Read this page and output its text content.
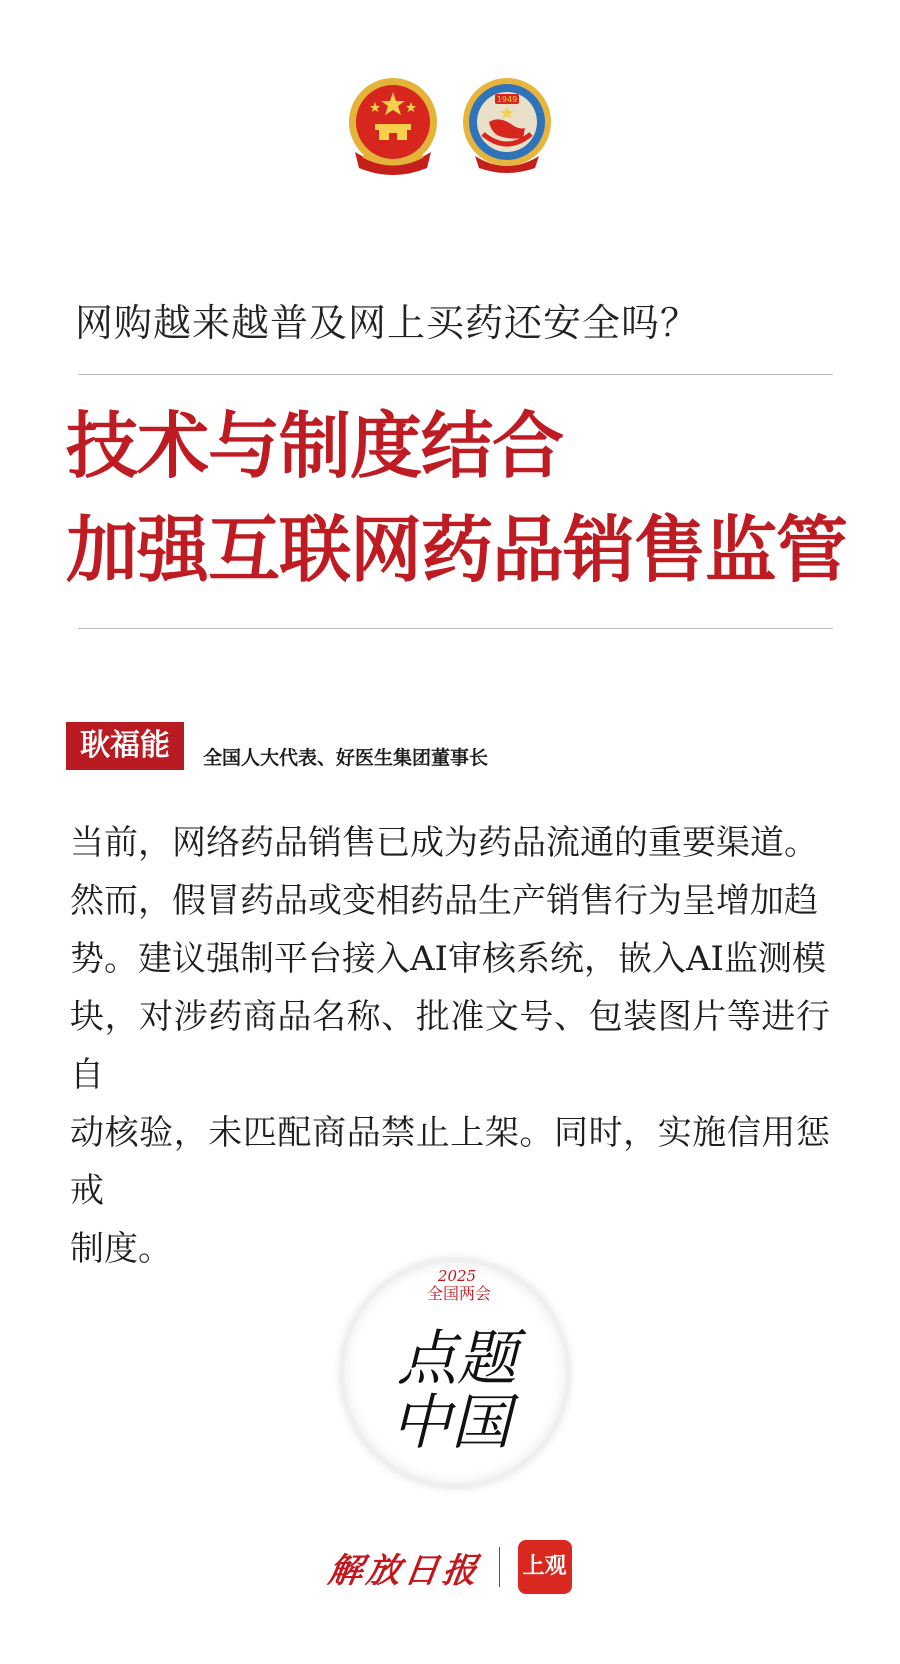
1949
网购越来越普及网上买药还安全吗？
技术与制度结合
加强互联网药品销售监管
耿福能	全国人大代表、好医生集团董事长
当前，网络药品销售已成为药品流通的重要渠道。
然而，假冒药品或变相药品生产销售行为呈增加趋
势。建议强制平台接入AI审核系统，嵌入AI监测模
块，对涉药商品名称、批准文号、包装图片等进行自
动核验，未匹配商品禁止上架。同时，实施信用惩戒
制度。
2025
全国两会
点题
中国
解放日报 上观
